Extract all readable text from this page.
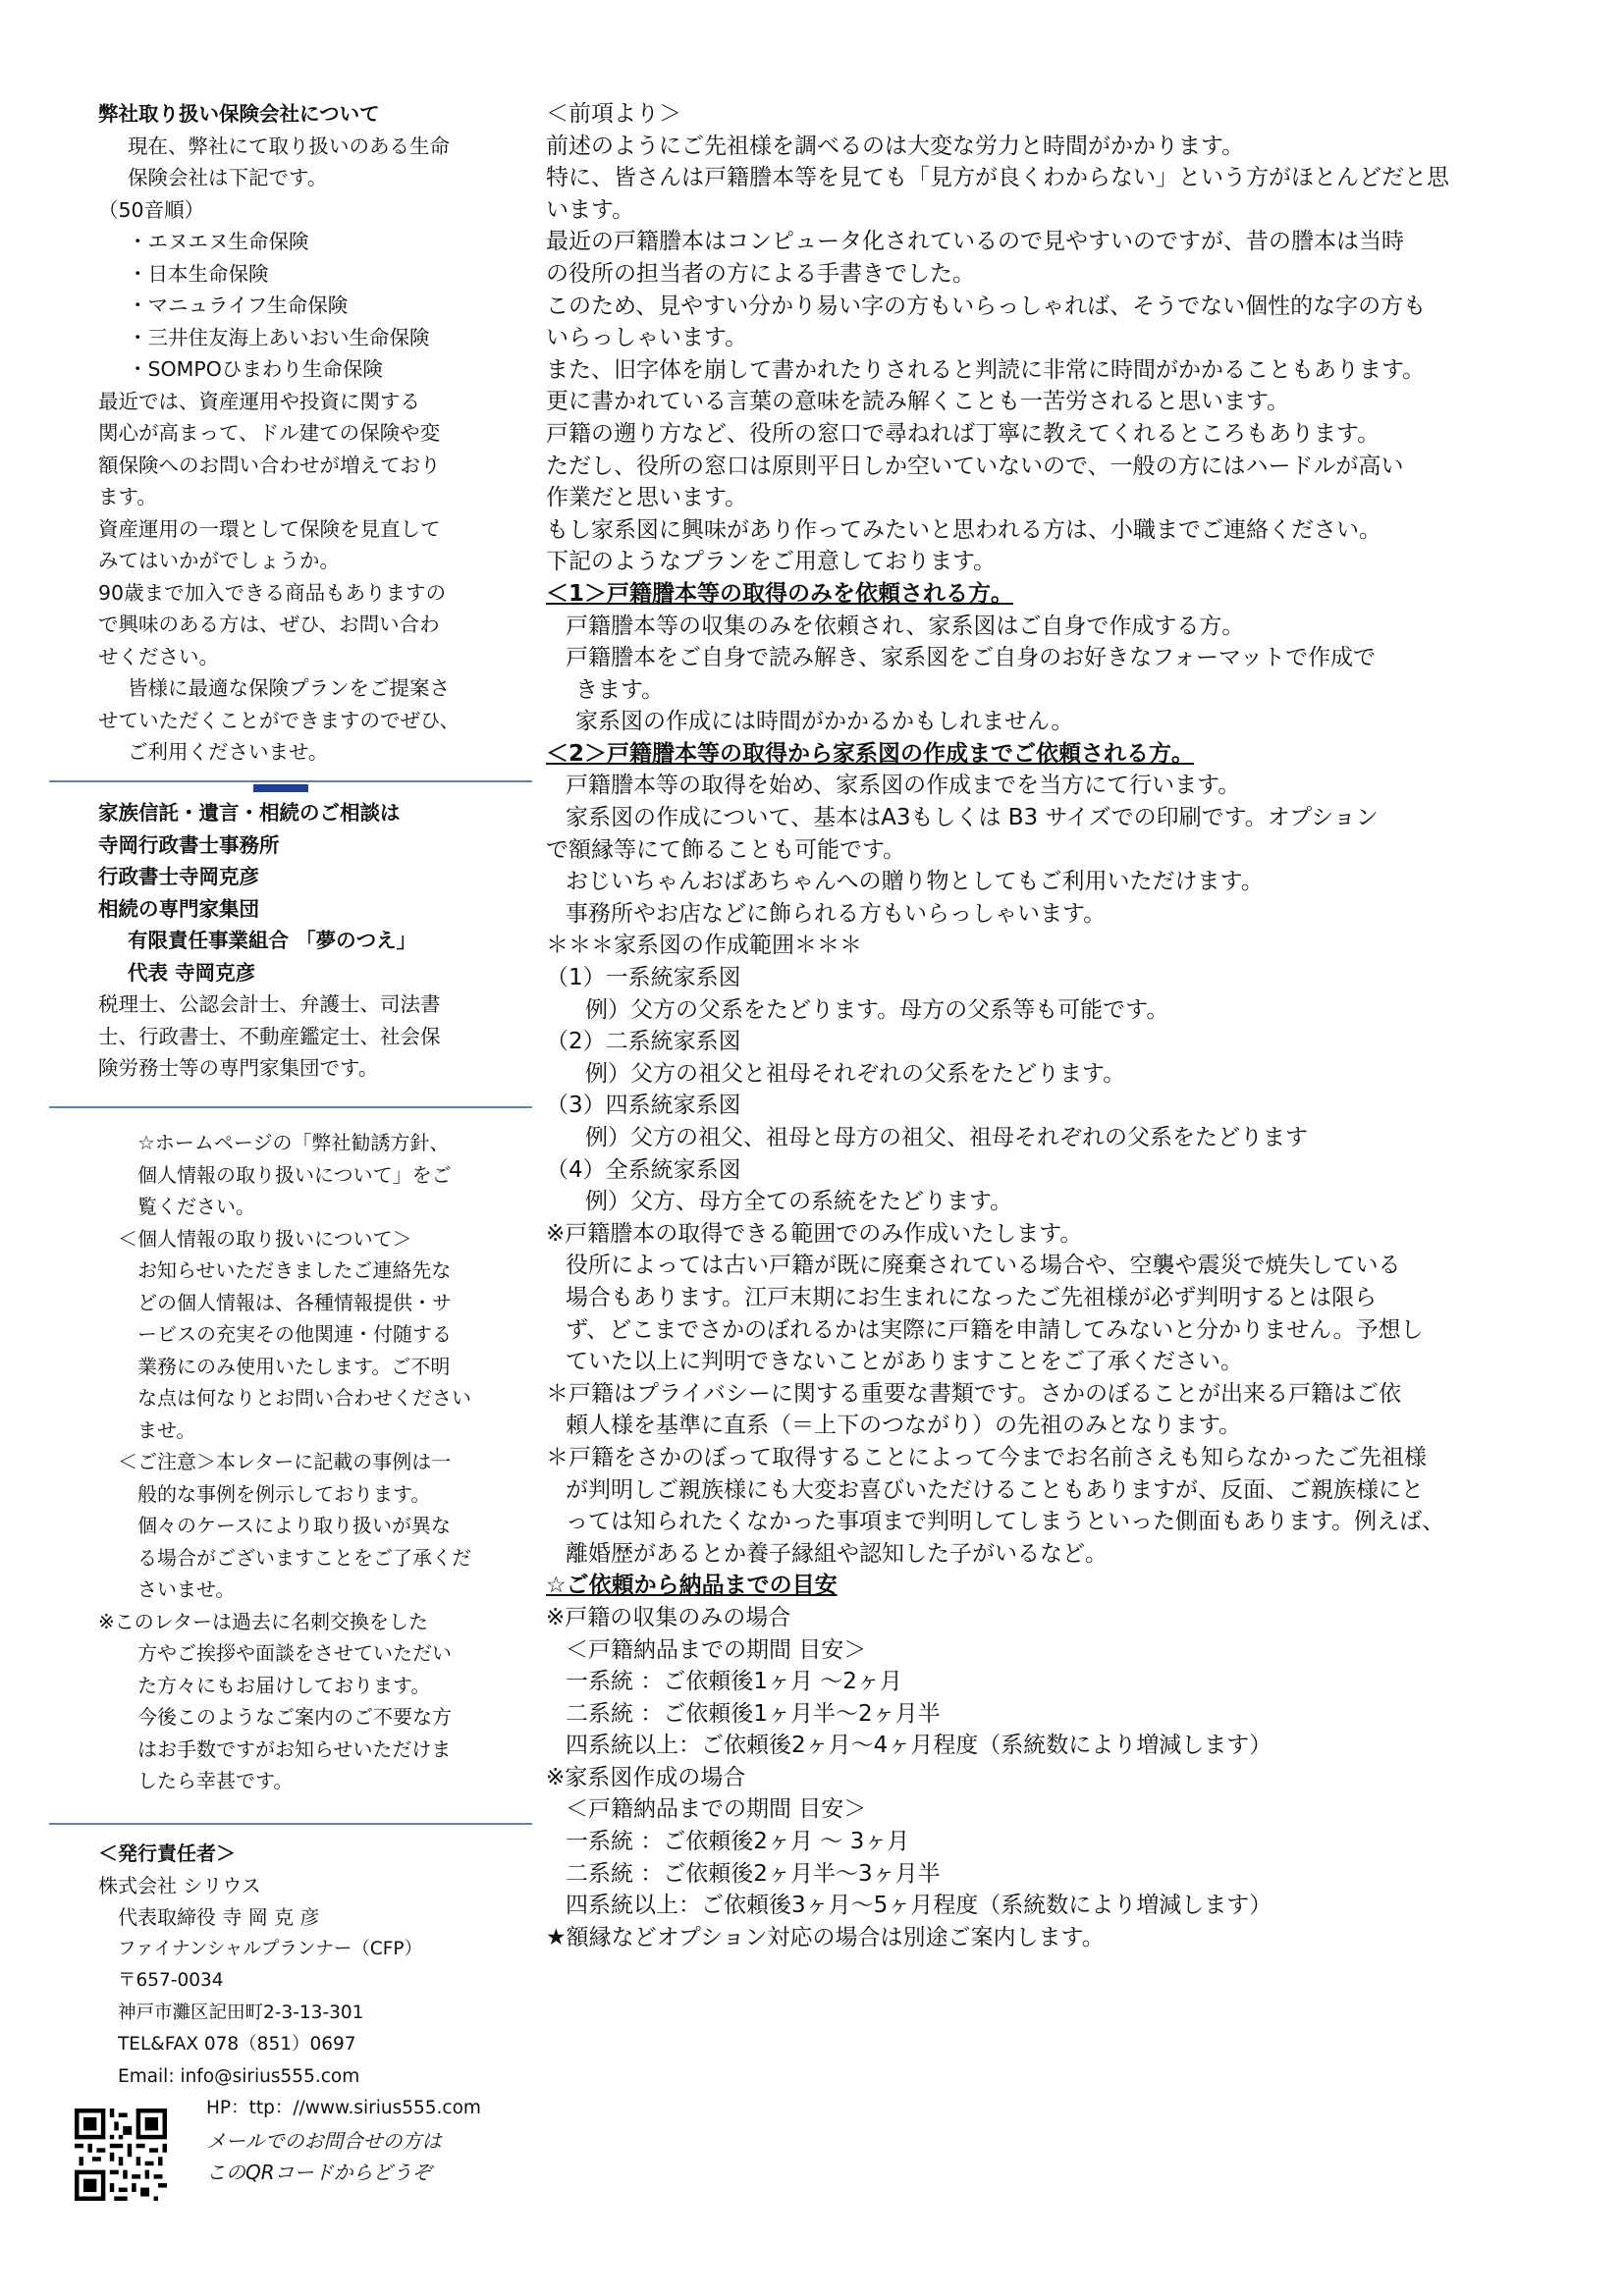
弊社取り扱い保険会社について
現在、弊社にて取り扱いのある生命
保険会社は下記です。
（50音順）
・エヌエヌ生命保険
・日本生命保険
・マニュライフ生命保険
・三井住友海上あいおい生命保険
・SOMPOひまわり生命保険
最近では、資産運用や投資に関する
関心が高まって、ドル建ての保険や変
額保険へのお問い合わせが増えており
ます。
資産運用の一環として保険を見直して
みてはいかがでしょうか。
90歳まで加入できる商品もありますの
で興味のある方は、ぜひ、お問い合わ
せください。
皆様に最適な保険プランをご提案さ
せていただくことができますのでぜひ、
ご利用くださいませ。
家族信託・遺言・相続のご相談は
寺岡行政書士事務所
行政書士寺岡克彦
相続の専門家集団
有限責任事業組合 「夢のつえ」
代表 寺岡克彦
税理士、公認会計士、弁護士、司法書
士、行政書士、不動産鑑定士、社会保
険労務士等の専門家集団です。
☆ホームページの「弊社勧誘方針、
個人情報の取り扱いについて」をご
覧ください。
＜個人情報の取り扱いについて＞
お知らせいただきましたご連絡先な
どの個人情報は、各種情報提供・サ
ービスの充実その他関連・付随する
業務にのみ使用いたします。ご不明
な点は何なりとお問い合わせください
ませ。
＜ご注意＞本レターに記載の事例は一
般的な事例を例示しております。
個々のケースにより取り扱いが異な
る場合がございますことをご了承くだ
さいませ。
※このレターは過去に名刺交換をした
方やご挨拶や面談をさせていただい
た方々にもお届けしております。
今後このようなご案内のご不要な方
はお手数ですがお知らせいただけま
したら幸甚です。
＜発行責任者＞
株式会社 シリウス
代表取締役 寺 岡 克 彦
ファイナンシャルプランナー（CFP）
〒657-0034
神戸市灘区記田町2-3-13-301
TEL&FAX 078（851）0697
Email: info@sirius555.com
HP：ttp：//www.sirius555.com
メールでのお問合せの方は
このQRコードからどうぞ
＜前項より＞
前述のようにご先祖様を調べるのは大変な労力と時間がかかります。
特に、皆さんは戸籍謄本等を見ても「見方が良くわからない」という方がほとんどだと思
います。
最近の戸籍謄本はコンピュータ化されているので見やすいのですが、昔の謄本は当時
の役所の担当者の方による手書きでした。
このため、見やすい分かり易い字の方もいらっしゃれば、そうでない個性的な字の方も
いらっしゃいます。
また、旧字体を崩して書かれたりされると判読に非常に時間がかかることもあります。
更に書かれている言葉の意味を読み解くことも一苦労されると思います。
戸籍の遡り方など、役所の窓口で尋ねれば丁寧に教えてくれるところもあります。
ただし、役所の窓口は原則平日しか空いていないので、一般の方にはハードルが高い
作業だと思います。
もし家系図に興味があり作ってみたいと思われる方は、小職までご連絡ください。
下記のようなプランをご用意しております。
＜1＞戸籍謄本等の取得のみを依頼される方。
戸籍謄本等の収集のみを依頼され、家系図はご自身で作成する方。
戸籍謄本をご自身で読み解き、家系図をご自身のお好きなフォーマットで作成で
きます。
家系図の作成には時間がかかるかもしれません。
＜2＞戸籍謄本等の取得から家系図の作成までご依頼される方。
戸籍謄本等の取得を始め、家系図の作成までを当方にて行います。
家系図の作成について、基本はA3もしくは B3 サイズでの印刷です。オプション
で額縁等にて飾ることも可能です。
おじいちゃんおばあちゃんへの贈り物としてもご利用いただけます。
事務所やお店などに飾られる方もいらっしゃいます。
＊＊＊家系図の作成範囲＊＊＊
（1）一系統家系図
例）父方の父系をたどります。母方の父系等も可能です。
（2）二系統家系図
例）父方の祖父と祖母それぞれの父系をたどります。
（3）四系統家系図
例）父方の祖父、祖母と母方の祖父、祖母それぞれの父系をたどります
（4）全系統家系図
例）父方、母方全ての系統をたどります。
※戸籍謄本の取得できる範囲でのみ作成いたします。
役所によっては古い戸籍が既に廃棄されている場合や、空襲や震災で焼失している
場合もあります。江戸末期にお生まれになったご先祖様が必ず判明するとは限ら
ず、どこまでさかのぼれるかは実際に戸籍を申請してみないと分かりません。予想し
ていた以上に判明できないことがありますことをご了承ください。
＊戸籍はプライバシーに関する重要な書類です。さかのぼることが出来る戸籍はご依
頼人様を基準に直系（＝上下のつながり）の先祖のみとなります。
＊戸籍をさかのぼって取得することによって今までお名前さえも知らなかったご先祖様
が判明しご親族様にも大変お喜びいただけることもありますが、反面、ご親族様にと
っては知られたくなかった事項まで判明してしまうといった側面もあります。例えば、
離婚歴があるとか養子縁組や認知した子がいるなど。
☆ご依頼から納品までの目安
※戸籍の収集のみの場合
＜戸籍納品までの期間 目安＞
一系統 ：ご依頼後1ヶ月 ～2ヶ月
二系統 ：ご依頼後1ヶ月半～2ヶ月半
四系統以上：ご依頼後2ヶ月～4ヶ月程度（系統数により増減します）
※家系図作成の場合
＜戸籍納品までの期間 目安＞
一系統 ：ご依頼後2ヶ月 ～ 3ヶ月
二系統 ：ご依頼後2ヶ月半～3ヶ月半
四系統以上：ご依頼後3ヶ月～5ヶ月程度（系統数により増減します）
★額縁などオプション対応の場合は別途ご案内します。
